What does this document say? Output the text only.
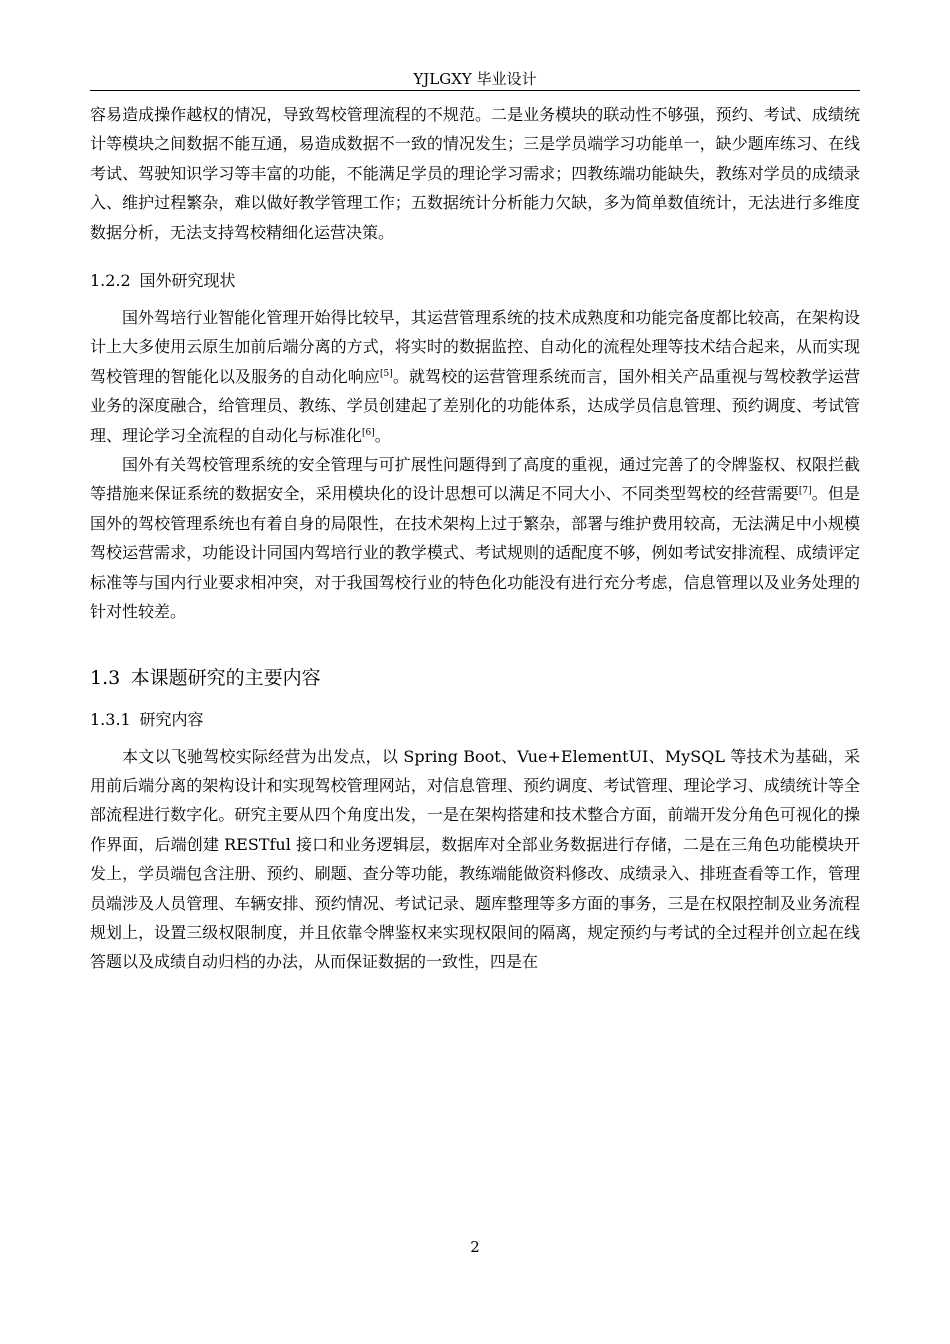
YJLGXY 毕业设计

容易造成操作越权的情况，导致驾校管理流程的不规范。二是业务模块的联动性不够强，预约、考试、成绩统计等模块之间数据不能互通，易造成数据不一致的情况发生；三是学员端学习功能单一，缺少题库练习、在线考试、驾驶知识学习等丰富的功能，不能满足学员的理论学习需求；四教练端功能缺失，教练对学员的成绩录入、维护过程繁杂，难以做好教学管理工作；五数据统计分析能力欠缺，多为简单数值统计，无法进行多维度数据分析，无法支持驾校精细化运营决策。

1.2.2 国外研究现状

国外驾培行业智能化管理开始得比较早，其运营管理系统的技术成熟度和功能完备度都比较高，在架构设计上大多使用云原生加前后端分离的方式，将实时的数据监控、自动化的流程处理等技术结合起来，从而实现驾校管理的智能化以及服务的自动化响应[5]。就驾校的运营管理系统而言，国外相关产品重视与驾校教学运营业务的深度融合，给管理员、教练、学员创建起了差别化的功能体系，达成学员信息管理、预约调度、考试管理、理论学习全流程的自动化与标准化[6]。

国外有关驾校管理系统的安全管理与可扩展性问题得到了高度的重视，通过完善了的令牌鉴权、权限拦截等措施来保证系统的数据安全，采用模块化的设计思想可以满足不同大小、不同类型驾校的经营需要[7]。但是国外的驾校管理系统也有着自身的局限性，在技术架构上过于繁杂，部署与维护费用较高，无法满足中小规模驾校运营需求，功能设计同国内驾培行业的教学模式、考试规则的适配度不够，例如考试安排流程、成绩评定标准等与国内行业要求相冲突，对于我国驾校行业的特色化功能没有进行充分考虑，信息管理以及业务处理的针对性较差。

1.3 本课题研究的主要内容
1.3.1 研究内容

本文以飞驰驾校实际经营为出发点，以 Spring Boot、Vue+ElementUI、MySQL 等技术为基础，采用前后端分离的架构设计和实现驾校管理网站，对信息管理、预约调度、考试管理、理论学习、成绩统计等全部流程进行数字化。研究主要从四个角度出发，一是在架构搭建和技术整合方面，前端开发分角色可视化的操作界面，后端创建 RESTful 接口和业务逻辑层，数据库对全部业务数据进行存储，二是在三角色功能模块开发上，学员端包含注册、预约、刷题、查分等功能，教练端能做资料修改、成绩录入、排班查看等工作，管理员端涉及人员管理、车辆安排、预约情况、考试记录、题库整理等多方面的事务，三是在权限控制及业务流程规划上，设置三级权限制度，并且依靠令牌鉴权来实现权限间的隔离，规定预约与考试的全过程并创立起在线答题以及成绩自动归档的办法，从而保证数据的一致性，四是在

2
